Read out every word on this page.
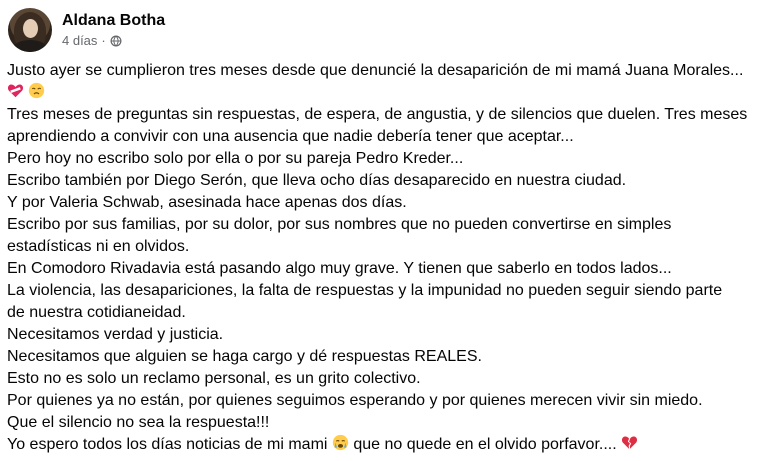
Aldana Botha
4 días ·
Justo ayer se cumplieron tres meses desde que denuncié la desaparición de mi mamá Juana Morales...

Tres meses de preguntas sin respuestas, de espera, de angustia, y de silencios que duelen. Tres meses
aprendiendo a convivir con una ausencia que nadie debería tener que aceptar...
Pero hoy no escribo solo por ella o por su pareja Pedro Kreder...
Escribo también por Diego Serón, que lleva ocho días desaparecido en nuestra ciudad.
Y por Valeria Schwab, asesinada hace apenas dos días.
Escribo por sus familias, por su dolor, por sus nombres que no pueden convertirse en simples
estadísticas ni en olvidos.
En Comodoro Rivadavia está pasando algo muy grave. Y tienen que saberlo en todos lados...
La violencia, las desapariciones, la falta de respuestas y la impunidad no pueden seguir siendo parte
de nuestra cotidianeidad.
Necesitamos verdad y justicia.
Necesitamos que alguien se haga cargo y dé respuestas REALES.
Esto no es solo un reclamo personal, es un grito colectivo.
Por quienes ya no están, por quienes seguimos esperando y por quienes merecen vivir sin miedo.
Que el silencio no sea la respuesta!!!
Yo espero todos los días noticias de mi mami que no quede en el olvido porfavor....
